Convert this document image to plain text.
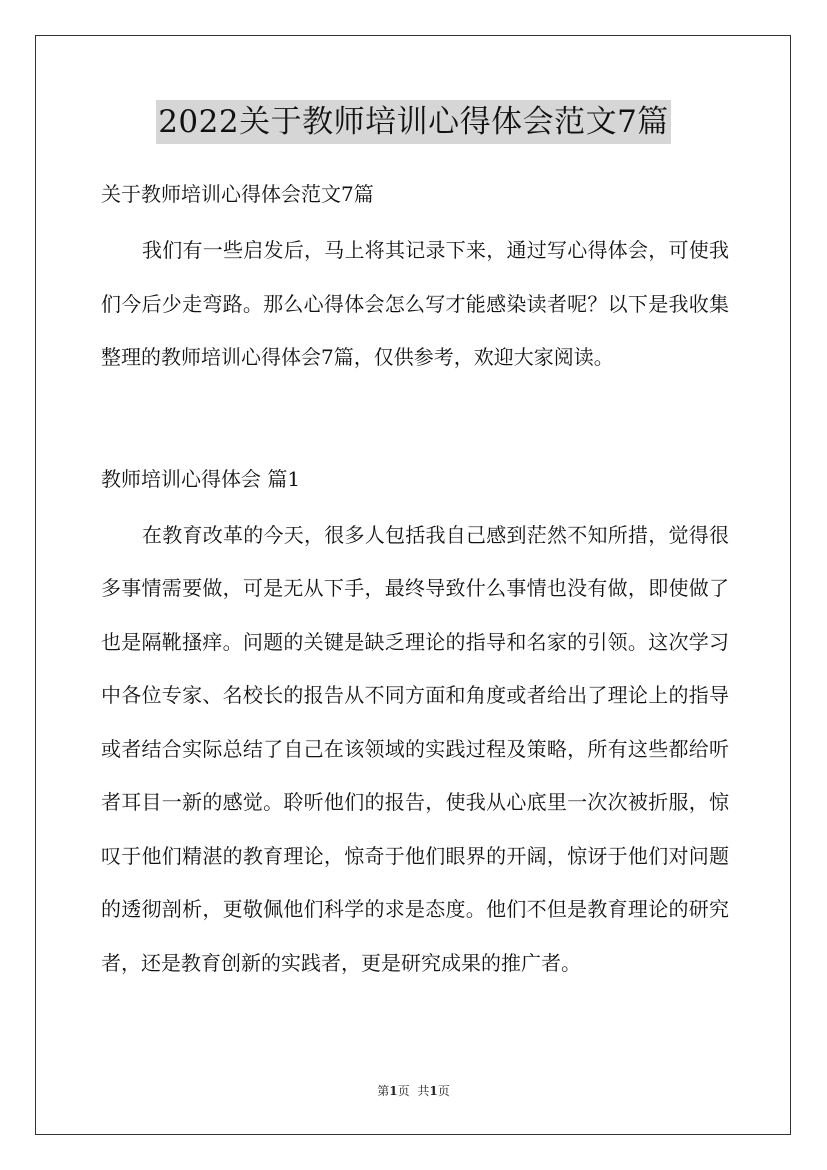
2022关于教师培训心得体会范文7篇

关于教师培训心得体会范文7篇

我们有一些启发后，马上将其记录下来，通过写心得体会，可使我们今后少走弯路。那么心得体会怎么写才能感染读者呢？以下是我收集整理的教师培训心得体会7篇，仅供参考，欢迎大家阅读。

教师培训心得体会 篇1

在教育改革的今天，很多人包括我自己感到茫然不知所措，觉得很多事情需要做，可是无从下手，最终导致什么事情也没有做，即使做了也是隔靴搔痒。问题的关键是缺乏理论的指导和名家的引领。这次学习中各位专家、名校长的报告从不同方面和角度或者给出了理论上的指导或者结合实际总结了自己在该领域的实践过程及策略，所有这些都给听者耳目一新的感觉。聆听他们的报告，使我从心底里一次次被折服，惊叹于他们精湛的教育理论，惊奇于他们眼界的开阔，惊讶于他们对问题的透彻剖析，更敬佩他们科学的求是态度。他们不但是教育理论的研究者，还是教育创新的实践者，更是研究成果的推广者。

第1页 共1页
